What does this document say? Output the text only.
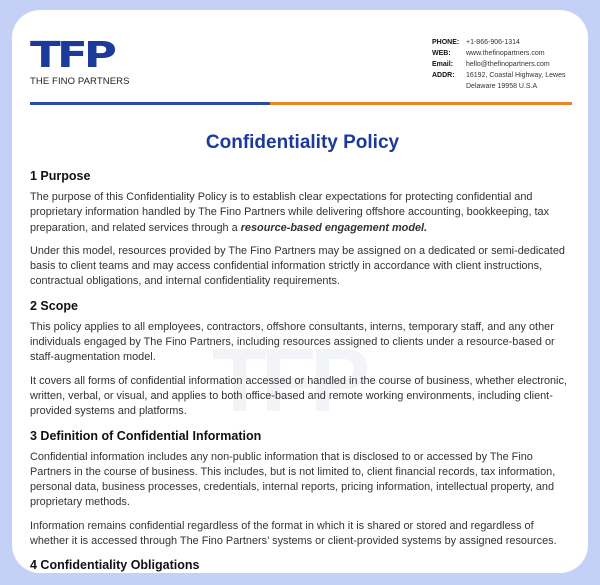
TFP
THE FINO PARTNERS
PHONE: +1-866-906-1314
WEB:	www.thefinopartners.com
Email:	hello@thefinopartners.com
ADDR:	16192, Coastal Highway, Lewes Delaware 19958 U.S.A
TFP
Confidentiality Policy
1 Purpose

The purpose of this Confidentiality Policy is to establish clear expectations for protecting confidential and proprietary information handled by The Fino Partners while delivering offshore accounting, bookkeeping, tax preparation, and related services through a resource-based engagement model.

Under this model, resources provided by The Fino Partners may be assigned on a dedicated or semi-dedicated basis to client teams and may access confidential information strictly in accordance with client instructions, contractual obligations, and internal confidentiality requirements.

2 Scope

This policy applies to all employees, contractors, offshore consultants, interns, temporary staff, and any other individuals engaged by The Fino Partners, including resources assigned to clients under a resource-based or staff-augmentation model.

It covers all forms of confidential information accessed or handled in the course of business, whether electronic, written, verbal, or visual, and applies to both office-based and remote working environments, including client-provided systems and platforms.

3 Definition of Confidential Information

Confidential information includes any non-public information that is disclosed to or accessed by The Fino Partners in the course of business. This includes, but is not limited to, client financial records, tax information, personal data, business processes, credentials, internal reports, pricing information, intellectual property, and proprietary methods.

Information remains confidential regardless of the format in which it is shared or stored and regardless of whether it is accessed through The Fino Partners’ systems or client-provided systems by assigned resources.

4 Confidentiality Obligations
